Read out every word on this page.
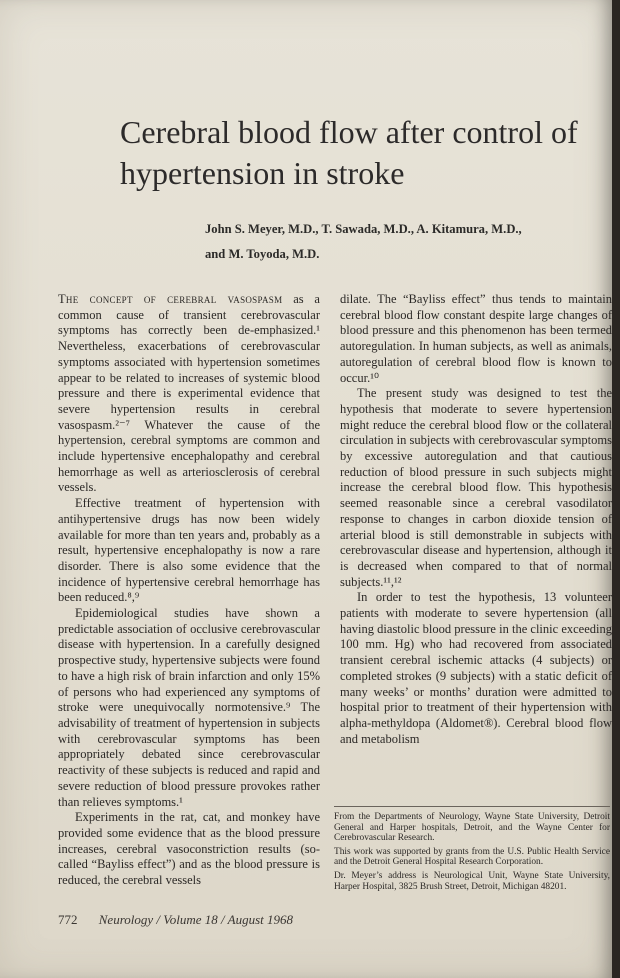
Cerebral blood flow after control of hypertension in stroke
John S. Meyer, M.D., T. Sawada, M.D., A. Kitamura, M.D.,
and M. Toyoda, M.D.

The concept of cerebral vasospasm as a common cause of transient cerebrovascular symptoms has correctly been de-emphasized.¹ Nevertheless, exacerbations of cerebrovascular symptoms associated with hypertension sometimes appear to be related to increases of systemic blood pressure and there is experimental evidence that severe hypertension results in cerebral vasospasm.²⁻⁷ Whatever the cause of the hypertension, cerebral symptoms are common and include hypertensive encephalopathy and cerebral hemorrhage as well as arteriosclerosis of cerebral vessels.

Effective treatment of hypertension with antihypertensive drugs has now been widely available for more than ten years and, probably as a result, hypertensive encephalopathy is now a rare disorder. There is also some evidence that the incidence of hypertensive cerebral hemorrhage has been reduced.⁸,⁹

Epidemiological studies have shown a predictable association of occlusive cerebrovascular disease with hypertension. In a carefully designed prospective study, hypertensive subjects were found to have a high risk of brain infarction and only 15% of persons who had experienced any symptoms of stroke were unequivocally normotensive.⁹ The advisability of treatment of hypertension in subjects with cerebrovascular symptoms has been appropriately debated since cerebrovascular reactivity of these subjects is reduced and rapid and severe reduction of blood pressure provokes rather than relieves symptoms.¹

Experiments in the rat, cat, and monkey have provided some evidence that as the blood pressure increases, cerebral vasoconstriction results (so-called “Bayliss effect”) and as the blood pressure is reduced, the cerebral vessels

dilate. The “Bayliss effect” thus tends to maintain cerebral blood flow constant despite large changes of blood pressure and this phenomenon has been termed autoregulation. In human subjects, as well as animals, autoregulation of cerebral blood flow is known to occur.¹⁰

The present study was designed to test the hypothesis that moderate to severe hypertension might reduce the cerebral blood flow or the collateral circulation in subjects with cerebrovascular symptoms by excessive autoregulation and that cautious reduction of blood pressure in such subjects might increase the cerebral blood flow. This hypothesis seemed reasonable since a cerebral vasodilator response to changes in carbon dioxide tension of arterial blood is still demonstrable in subjects with cerebrovascular disease and hypertension, although it is decreased when compared to that of normal subjects.¹¹,¹²

In order to test the hypothesis, 13 volunteer patients with moderate to severe hypertension (all having diastolic blood pressure in the clinic exceeding 100 mm. Hg) who had recovered from associated transient cerebral ischemic attacks (4 subjects) or completed strokes (9 subjects) with a static deficit of many weeks’ or months’ duration were admitted to hospital prior to treatment of their hypertension with alpha-methyldopa (Aldomet®). Cerebral blood flow and metabolism

From the Departments of Neurology, Wayne State University, Detroit General and Harper hospitals, Detroit, and the Wayne Center for Cerebrovascular Research.

This work was supported by grants from the U.S. Public Health Service and the Detroit General Hospital Research Corporation.

Dr. Meyer’s address is Neurological Unit, Wayne State University, Harper Hospital, 3825 Brush Street, Detroit, Michigan 48201.

772 Neurology / Volume 18 / August 1968
